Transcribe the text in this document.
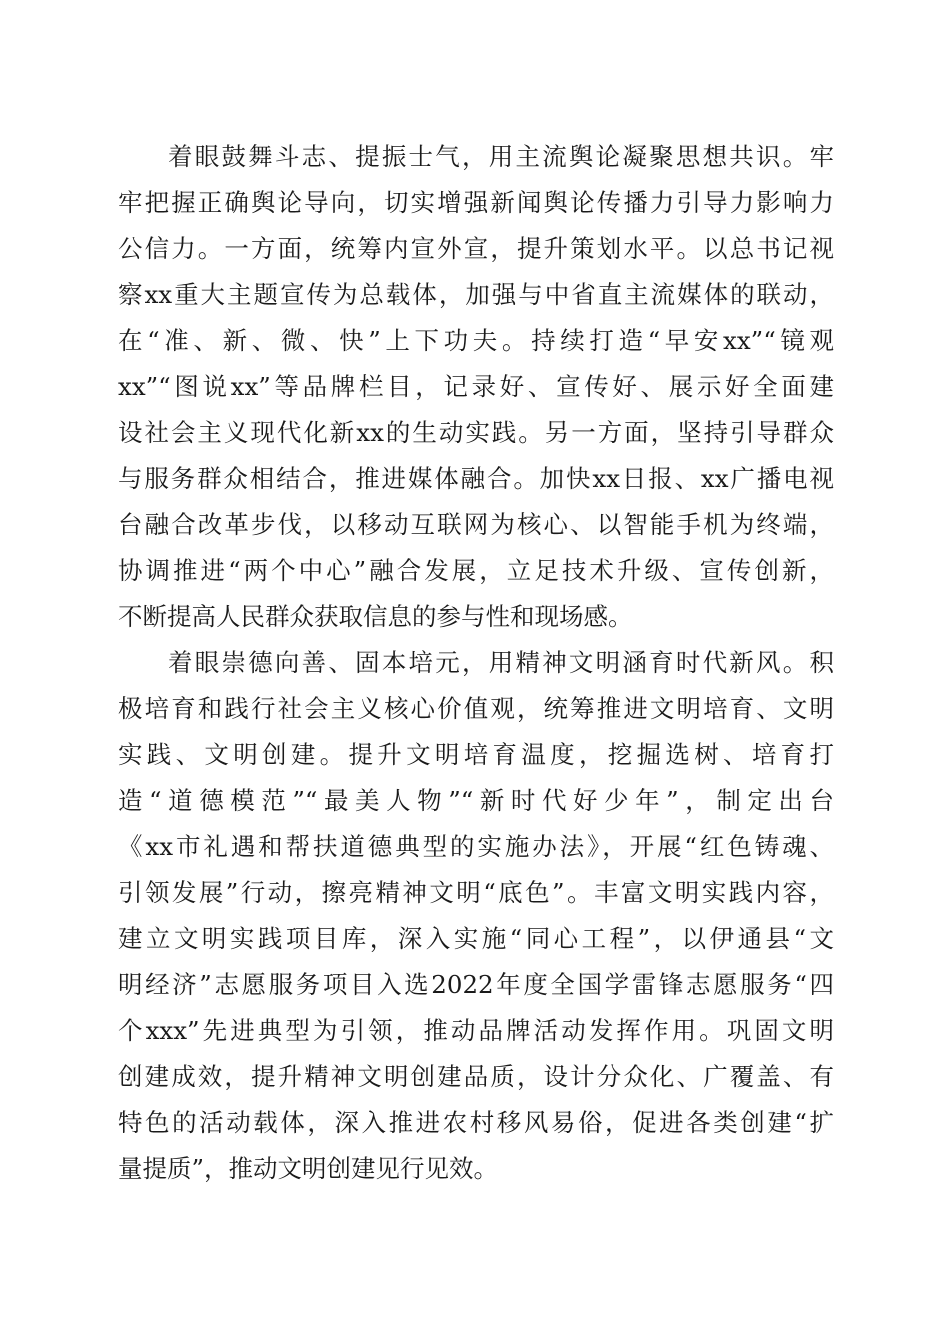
着眼鼓舞斗志、提振士气，用主流舆论凝聚思想共识。牢
牢把握正确舆论导向，切实增强新闻舆论传播力引导力影响力
公信力。一方面，统筹内宣外宣，提升策划水平。以总书记视
察xx重大主题宣传为总载体，加强与中省直主流媒体的联动，
在“准、新、微、快”上下功夫。持续打造“早安xx”“镜观
xx”“图说xx”等品牌栏目，记录好、宣传好、展示好全面建
设社会主义现代化新xx的生动实践。另一方面，坚持引导群众
与服务群众相结合，推进媒体融合。加快xx日报、xx广播电视
台融合改革步伐，以移动互联网为核心、以智能手机为终端，
协调推进“两个中心”融合发展，立足技术升级、宣传创新，
不断提高人民群众获取信息的参与性和现场感。
着眼崇德向善、固本培元，用精神文明涵育时代新风。积
极培育和践行社会主义核心价值观，统筹推进文明培育、文明
实践、文明创建。提升文明培育温度，挖掘选树、培育打
造“道德模范”“最美人物”“新时代好少年”，制定出台
《xx市礼遇和帮扶道德典型的实施办法》，开展“红色铸魂、
引领发展”行动，擦亮精神文明“底色”。丰富文明实践内容，
建立文明实践项目库，深入实施“同心工程”，以伊通县“文
明经济”志愿服务项目入选2022年度全国学雷锋志愿服务“四
个xxx”先进典型为引领，推动品牌活动发挥作用。巩固文明
创建成效，提升精神文明创建品质，设计分众化、广覆盖、有
特色的活动载体，深入推进农村移风易俗，促进各类创建“扩
量提质”，推动文明创建见行见效。
